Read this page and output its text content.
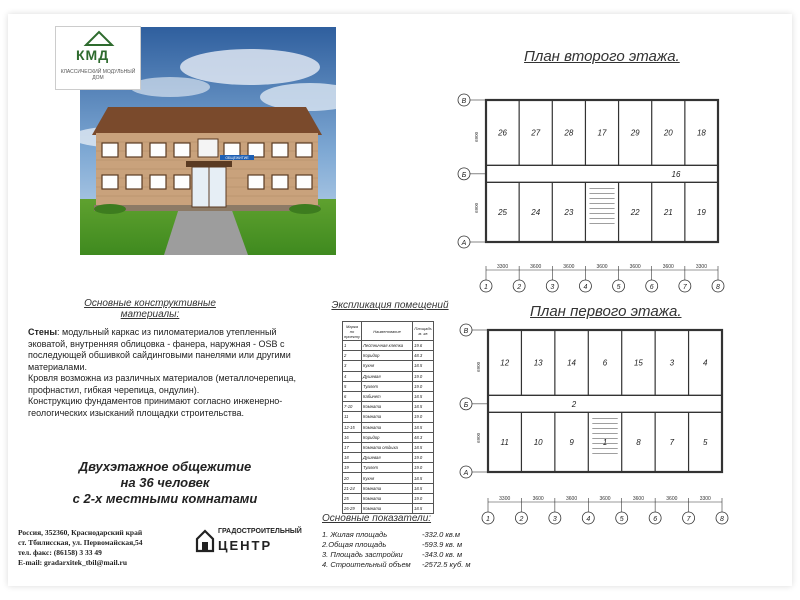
ОБЩЕЖИТИЕ
КМД
КЛАССИЧЕСКИЙ МОДУЛЬНЫЙ ДОМ
План второго этажа.
План первого этажа.
26	27	28	17	29	20	18
25	24	23	22	21	19
16
В
Б
А
6900
6900
1	2	3	4	5	6	7	8
3300	3600	3600	3600	3600	3600	3300
12	13	14	6	15	3	4
11	10	9	1	8	7	5
2
В
Б
А
6900
6900
1	2	3	4	5	6	7	8
3300	3600	3600	3600	3600	3600	3300
Основные конструктивные
материалы:

Стены: модульный каркас из пиломатериалов утепленный эковатой, внутренняя облицовка - фанера, наружная - OSB с последующей обшивкой сайдинговыми панелями или другими материалами.

Кровля возможна из различных материалов (металлочерепица, профнастил, гибкая черепица, ондулин).

Конструкцию фундаментов принимают согласно инженерно- геологических изысканий площадки строительства.

Двухэтажное общежитие
на 36 человек
с 2-х местными комнатами
Россия, 352360, Краснодарский край
ст. Тбилисская, ул. Первомайская,54
тел. факс: (86158) 3 33 49
E-mail: gradarxitek_tbil@mail.ru
ГРАДОСТРОИТЕЛЬНЫЙ
ЦЕНТР
Экспликация помещений
Марка по проекту	Наименование	Площадь м. кв
1	Лестничная клетка	19.6
2	Коридор	48.3
3	Кухня	18.5
4	Душевая	19.0
5	Туалет	19.0
6	Кабинет	18.5
7-10	Комната	18.5
11	Комната	19.0
12-15	Комната	18.5
16	Коридор	48.3
17	Комната отдыха	18.5
18	Душевая	19.0
19	Туалет	19.0
20	Кухня	18.5
21-24	Комната	18.5
25	Комната	19.0
26-29	Комната	18.5
Основные показатели:
1. Жилая площадь	-332.0 кв.м
2.Общая площадь	-593.9 кв. м
3. Площадь застройки	-343.0 кв. м
4. Строительный объем	-2572.5 куб. м
